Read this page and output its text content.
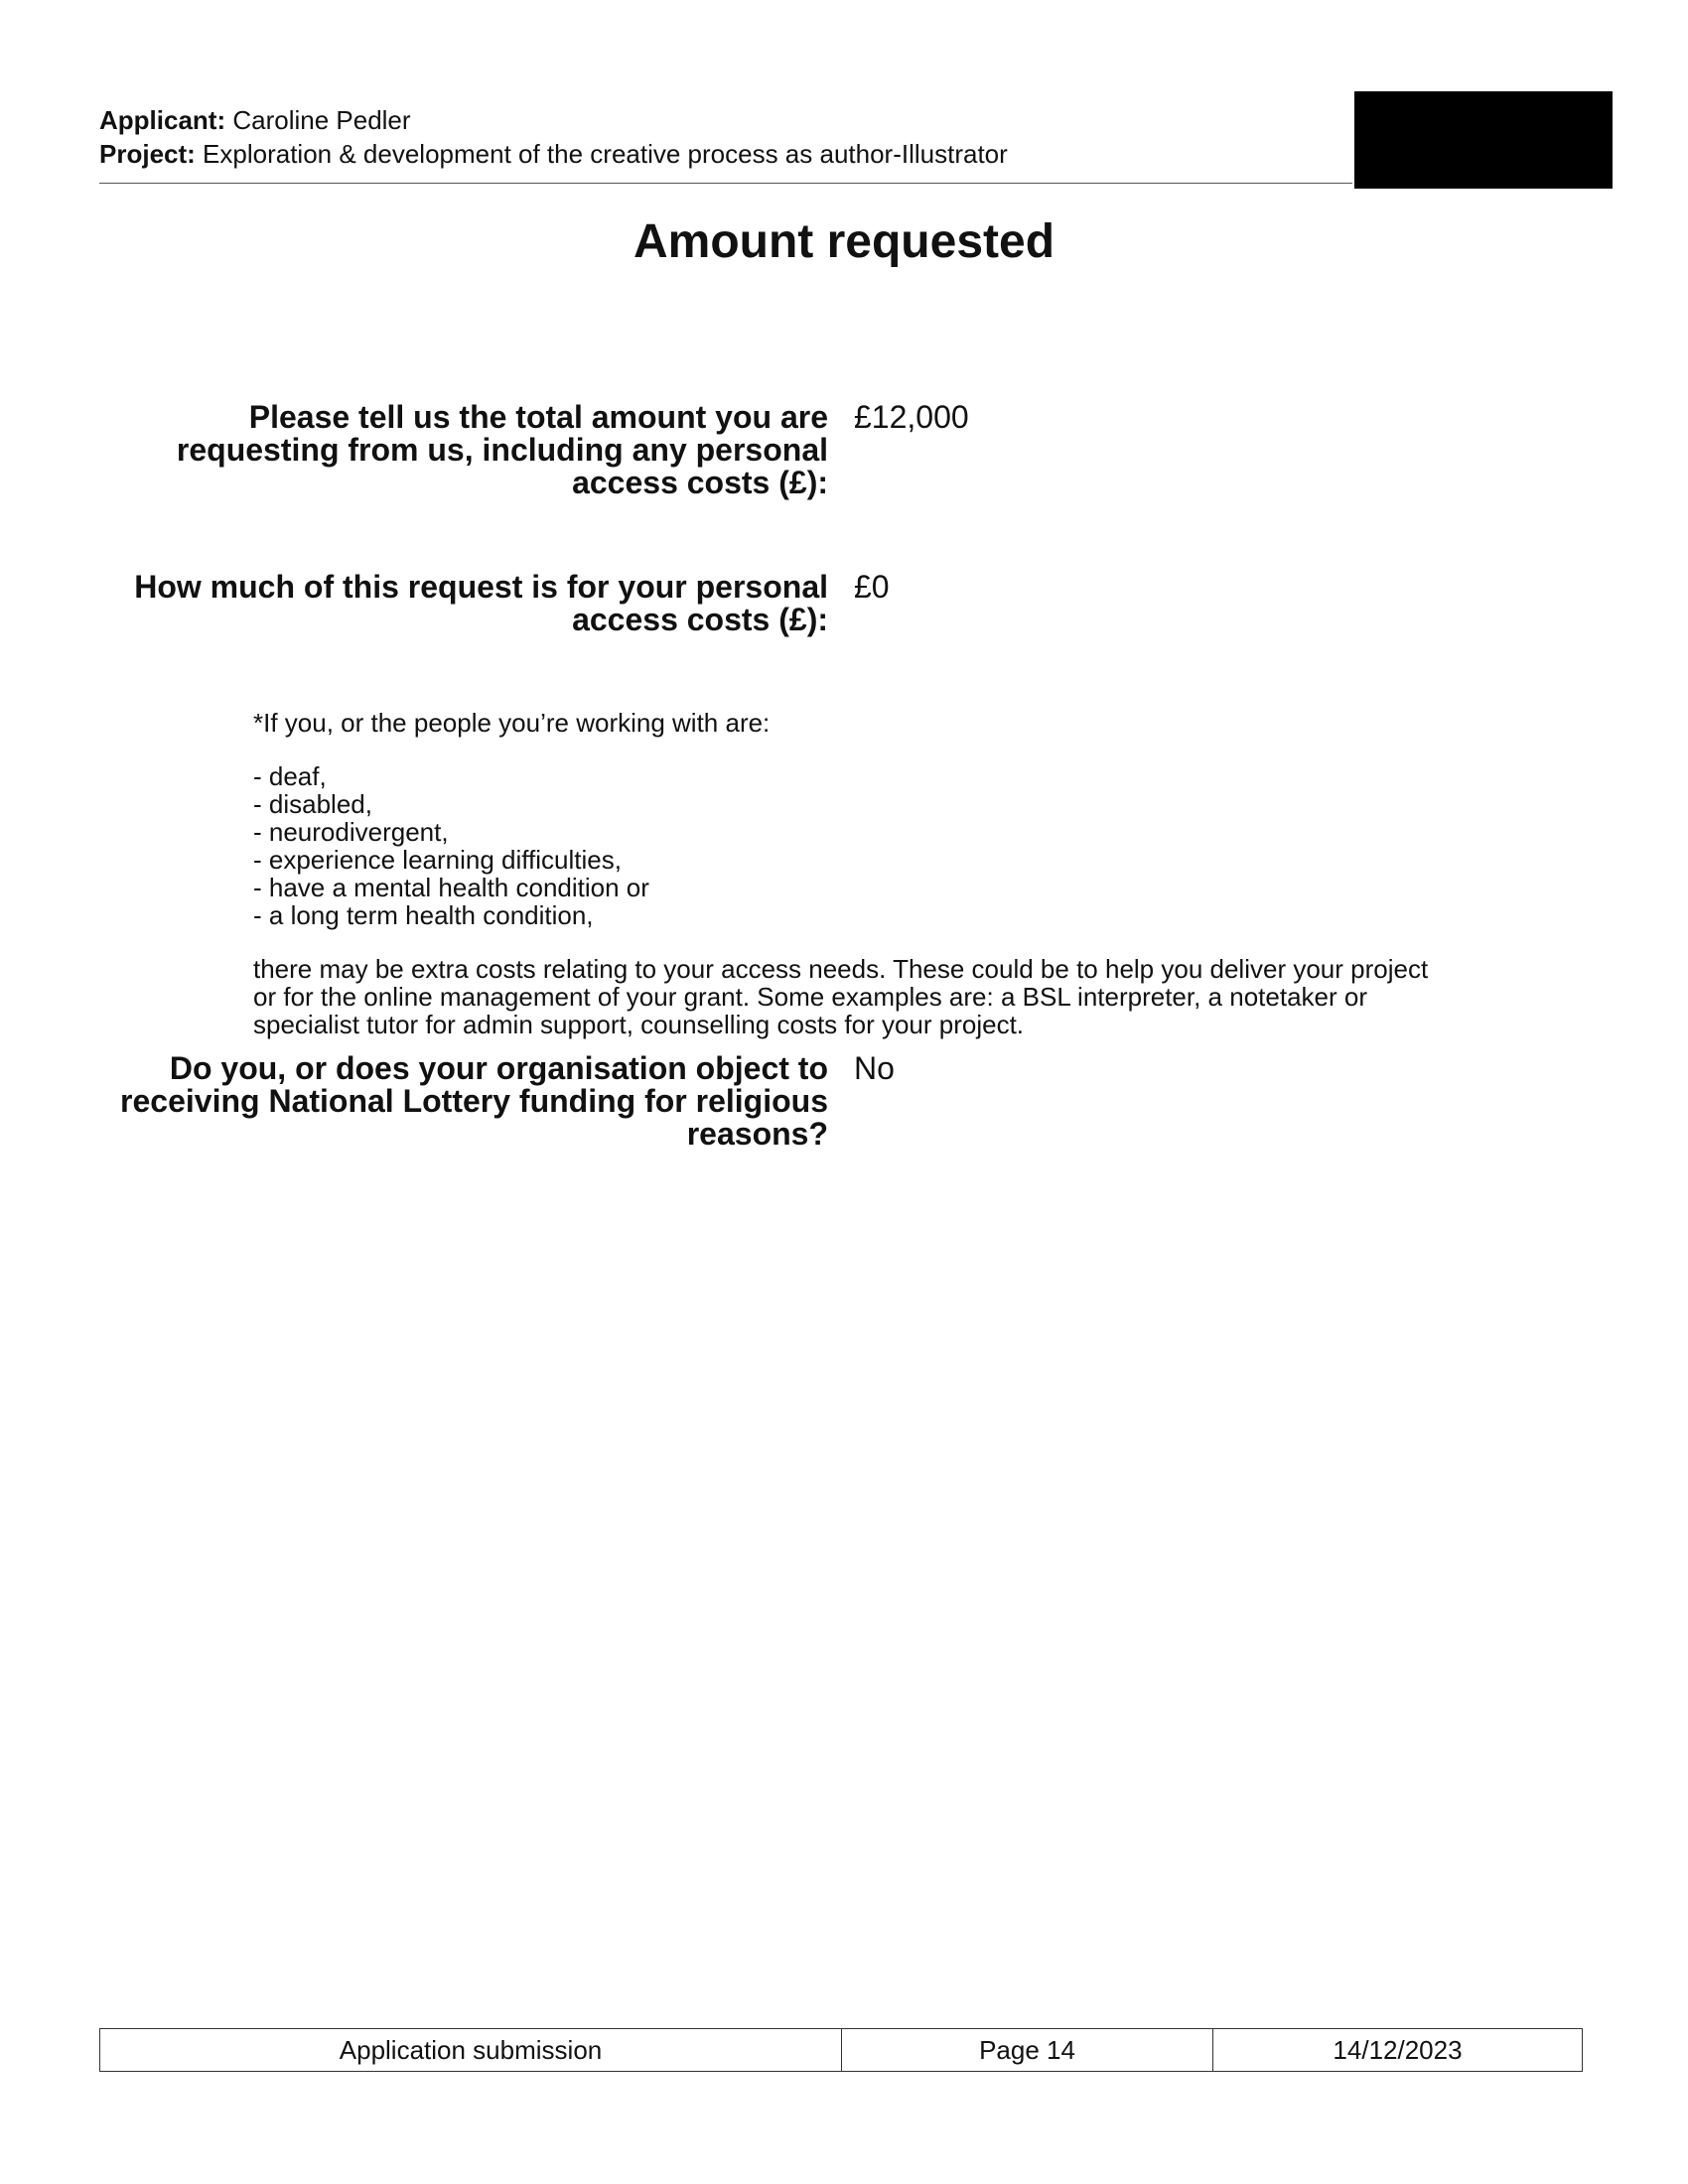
Applicant: Caroline Pedler
Project: Exploration & development of the creative process as author-Illustrator
Amount requested
Please tell us the total amount you are requesting from us, including any personal access costs (£):
£12,000
How much of this request is for your personal access costs (£):
£0

*If you, or the people you’re working with are:

- deaf,
- disabled,
- neurodivergent,
- experience learning difficulties,
- have a mental health condition or
- a long term health condition,

there may be extra costs relating to your access needs. These could be to help you deliver your project or for the online management of your grant. Some examples are: a BSL interpreter, a notetaker or specialist tutor for admin support, counselling costs for your project.

Do you, or does your organisation object to receiving National Lottery funding for religious reasons?
No
Application submission	Page 14	14/12/2023
